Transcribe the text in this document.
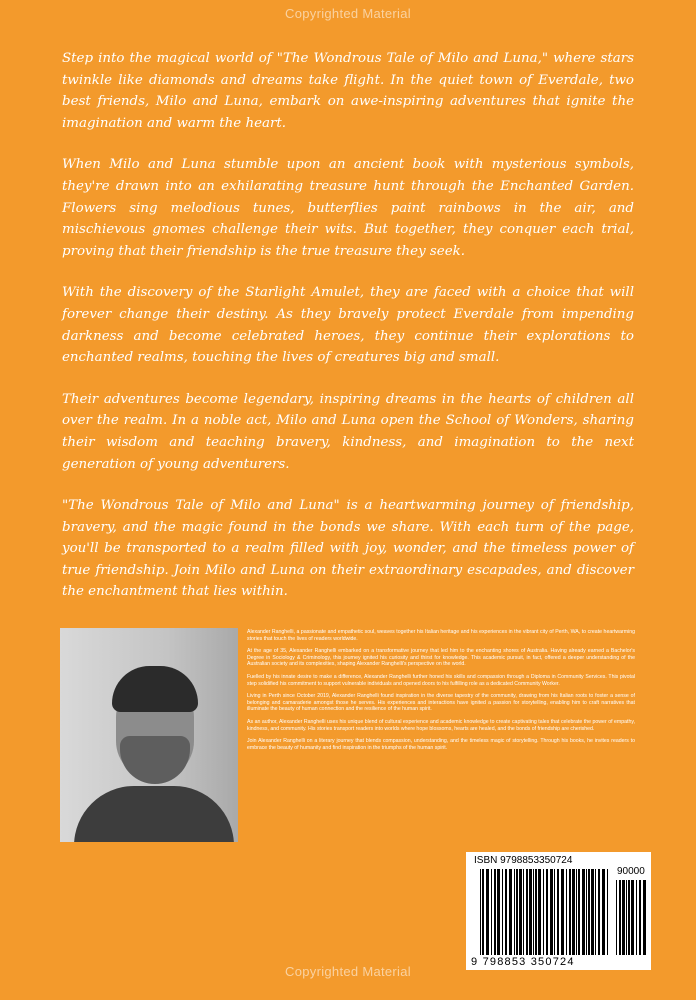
Copyrighted Material

Step into the magical world of "The Wondrous Tale of Milo and Luna," where stars twinkle like diamonds and dreams take flight. In the quiet town of Everdale, two best friends, Milo and Luna, embark on awe-inspiring adventures that ignite the imagination and warm the heart.

When Milo and Luna stumble upon an ancient book with mysterious symbols, they're drawn into an exhilarating treasure hunt through the Enchanted Garden. Flowers sing melodious tunes, butterflies paint rainbows in the air, and mischievous gnomes challenge their wits. But together, they conquer each trial, proving that their friendship is the true treasure they seek.

With the discovery of the Starlight Amulet, they are faced with a choice that will forever change their destiny. As they bravely protect Everdale from impending darkness and become celebrated heroes, they continue their explorations to enchanted realms, touching the lives of creatures big and small.

Their adventures become legendary, inspiring dreams in the hearts of children all over the realm. In a noble act, Milo and Luna open the School of Wonders, sharing their wisdom and teaching bravery, kindness, and imagination to the next generation of young adventurers.

"The Wondrous Tale of Milo and Luna" is a heartwarming journey of friendship, bravery, and the magic found in the bonds we share. With each turn of the page, you'll be transported to a realm filled with joy, wonder, and the timeless power of true friendship. Join Milo and Luna on their extraordinary escapades, and discover the enchantment that lies within.

Alexander Ranghelli, a passionate and empathetic soul, weaves together his Italian heritage and his experiences in the vibrant city of Perth, WA, to create heartwarming stories that touch the lives of readers worldwide.

At the age of 35, Alexander Ranghelli embarked on a transformative journey that led him to the enchanting shores of Australia. Having already earned a Bachelor's Degree in Sociology & Criminology, this journey ignited his curiosity and thirst for knowledge. This academic pursuit, in fact, offered a deeper understanding of the Australian society and its complexities, shaping Alexander Ranghelli's perspective on the world.

Fuelled by his innate desire to make a difference, Alexander Ranghelli further honed his skills and compassion through a Diploma in Community Services. This pivotal step solidified his commitment to support vulnerable individuals and opened doors to his fulfilling role as a dedicated Community Worker.

Living in Perth since October 2019, Alexander Ranghelli found inspiration in the diverse tapestry of the community, drawing from his Italian roots to foster a sense of belonging and camaraderie amongst those he serves. His experiences and interactions have ignited a passion for storytelling, enabling him to craft narratives that illuminate the beauty of human connection and the resilience of the human spirit.

As an author, Alexander Ranghelli uses his unique blend of cultural experience and academic knowledge to create captivating tales that celebrate the power of empathy, kindness, and community. His stories transport readers into worlds where hope blossoms, hearts are healed, and the bonds of friendship are cherished.

Join Alexander Ranghelli on a literary journey that blends compassion, understanding, and the timeless magic of storytelling. Through his books, he invites readers to embrace the beauty of humanity and find inspiration in the triumphs of the human spirit.

ISBN 9798853350724
90000
9 798853 350724
Copyrighted Material
